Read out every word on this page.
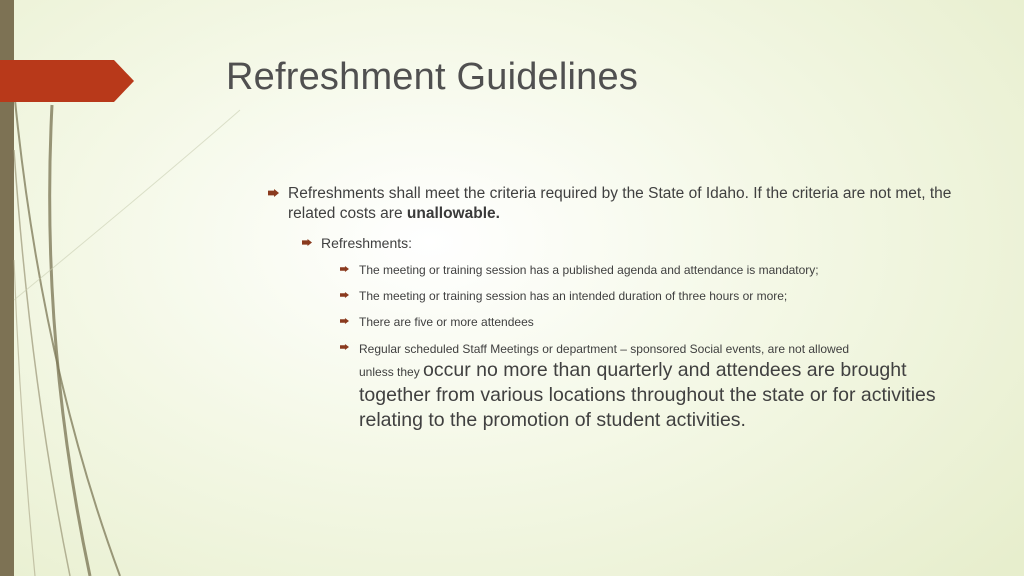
Refreshment Guidelines
Refreshments shall meet the criteria required by the State of Idaho. If the criteria are not met, the related costs are unallowable.
Refreshments:
The meeting or training session has a published agenda and attendance is mandatory;
The meeting or training session has an intended duration of three hours or more;
There are five or more attendees
Regular scheduled Staff Meetings or department – sponsored Social events, are not allowed
unless they occur no more than quarterly and attendees are brought together from various locations throughout the state or for activities relating to the promotion of student activities.
